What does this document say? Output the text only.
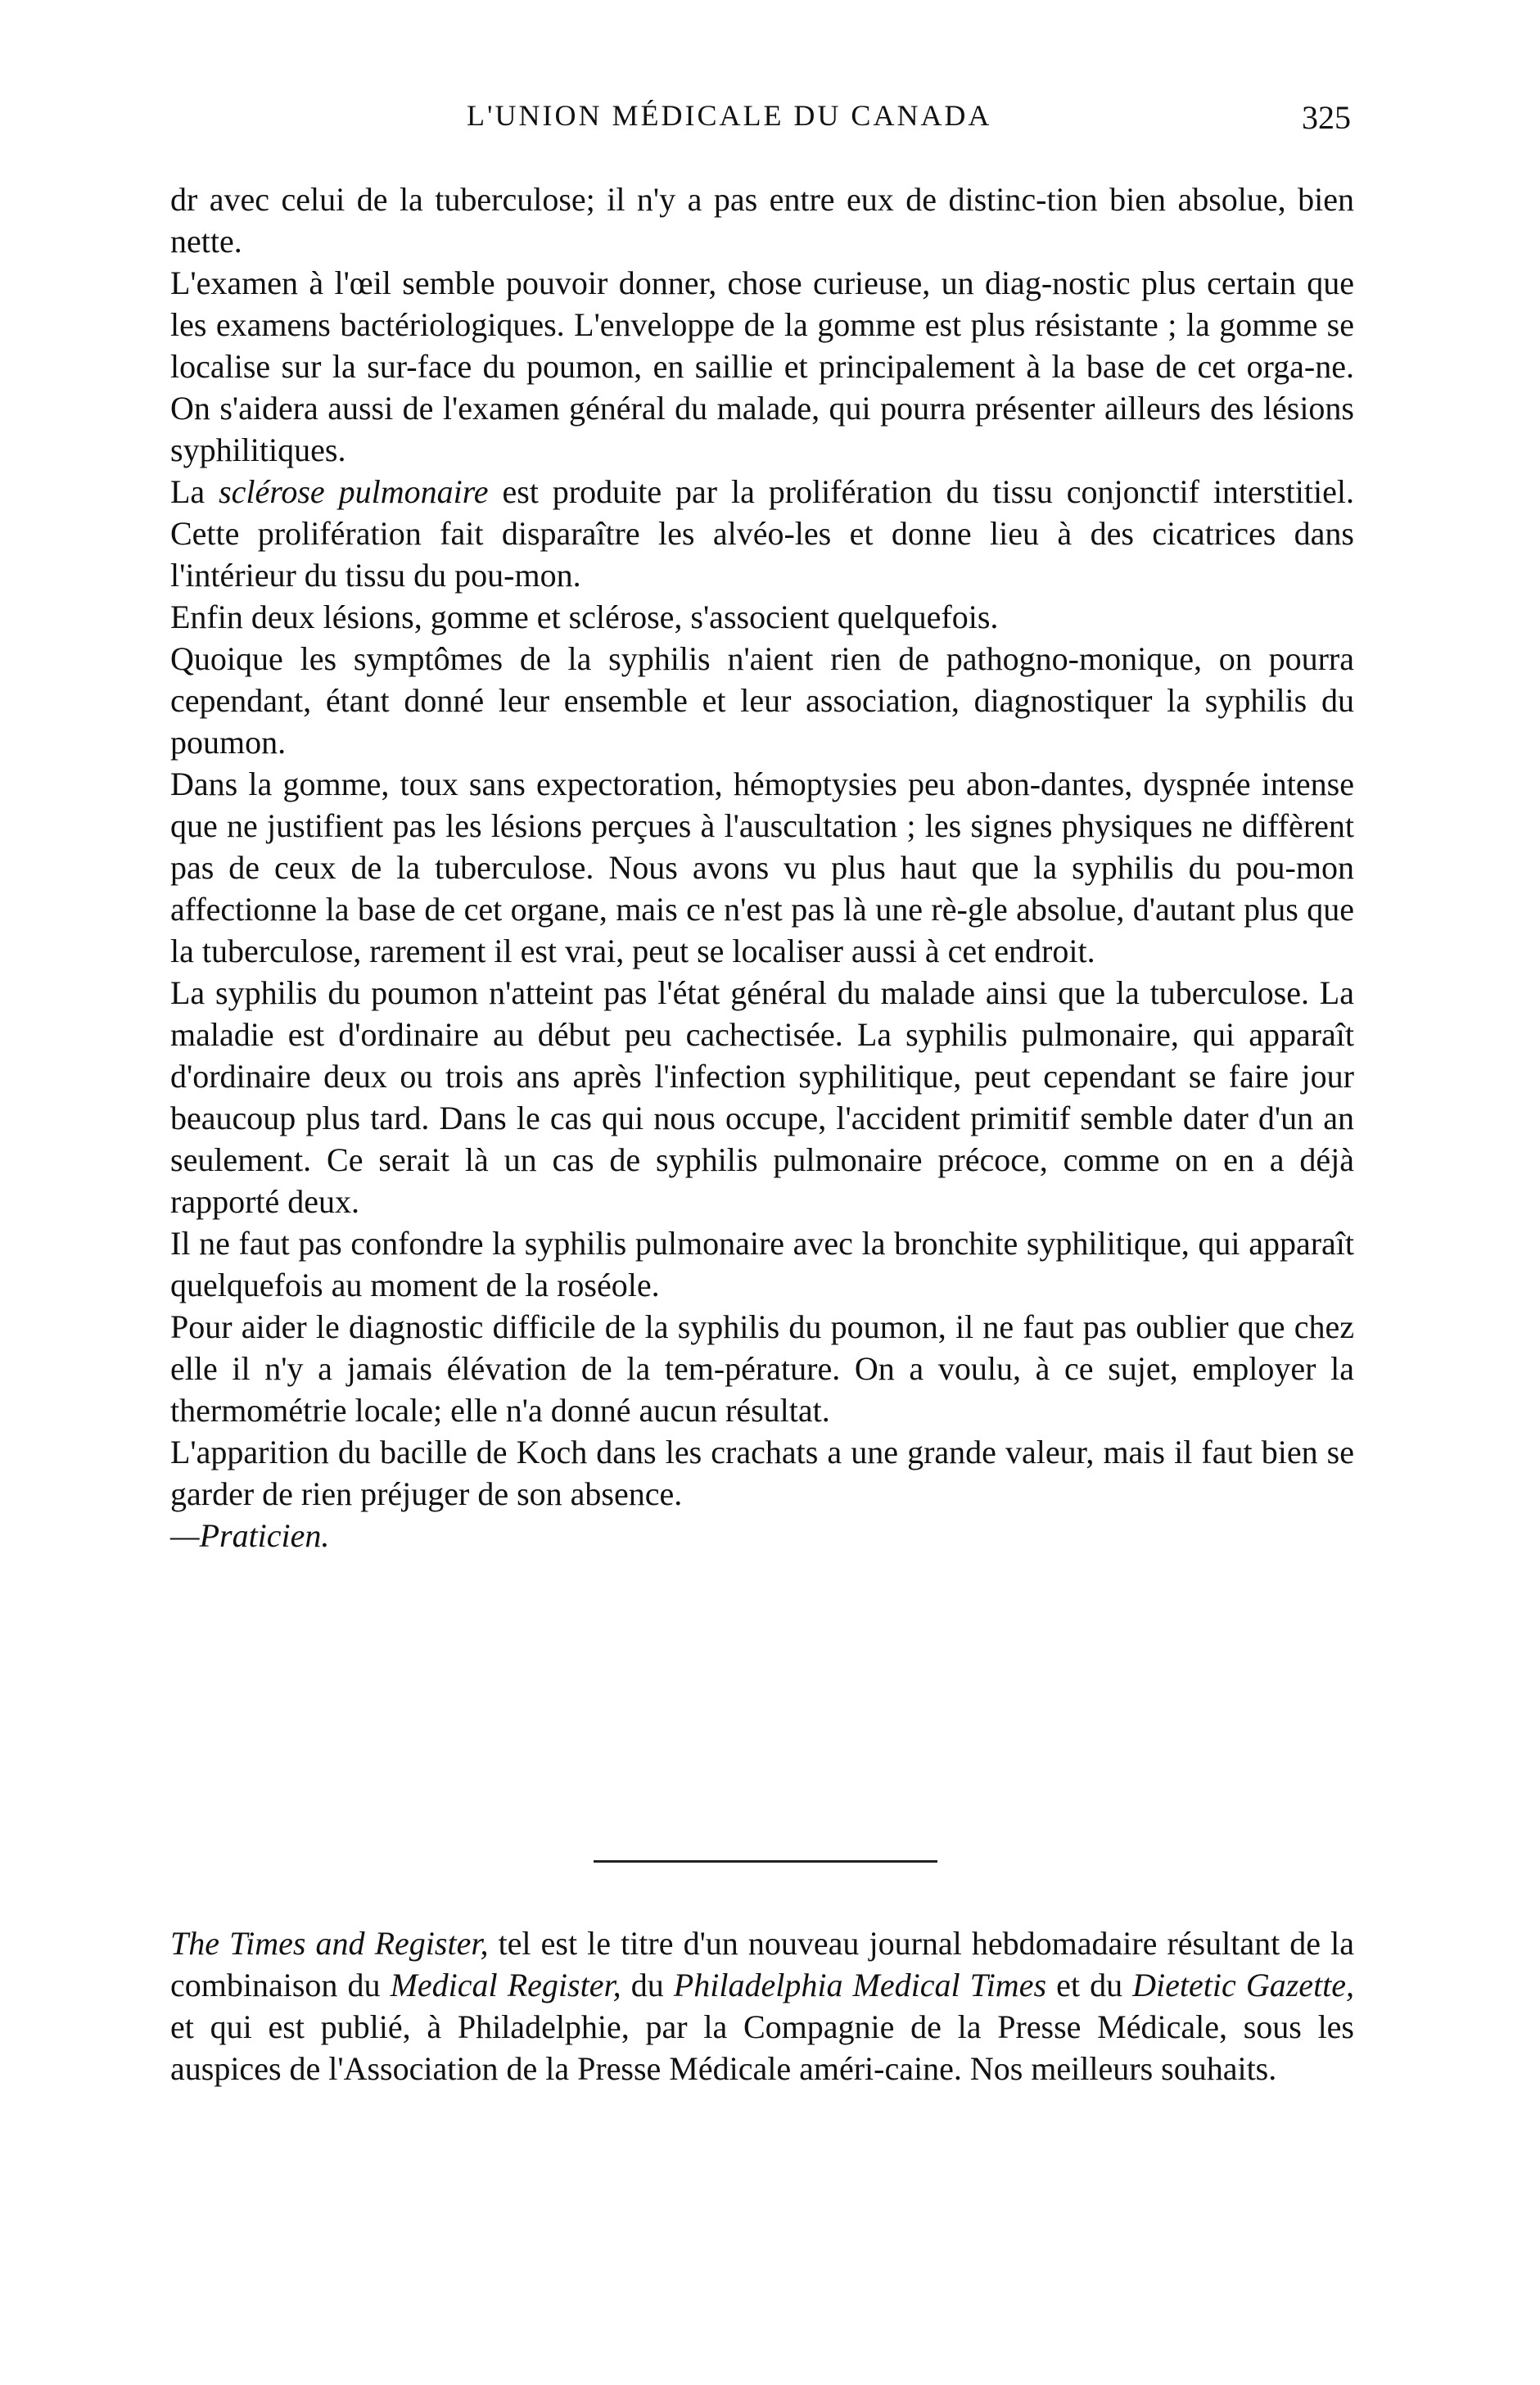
L'UNION MÉDICALE DU CANADA	325

dr avec celui de la tuberculose; il n'y a pas entre eux de distinc-tion bien absolue, bien nette.

L'examen à l'œil semble pouvoir donner, chose curieuse, un diag-nostic plus certain que les examens bactériologiques. L'enveloppe de la gomme est plus résistante ; la gomme se localise sur la sur-face du poumon, en saillie et principalement à la base de cet orga-ne. On s'aidera aussi de l'examen général du malade, qui pourra présenter ailleurs des lésions syphilitiques.

La sclérose pulmonaire est produite par la prolifération du tissu conjonctif interstitiel. Cette prolifération fait disparaître les alvéo-les et donne lieu à des cicatrices dans l'intérieur du tissu du pou-mon.

Enfin deux lésions, gomme et sclérose, s'associent quelquefois.

Quoique les symptômes de la syphilis n'aient rien de pathogno-monique, on pourra cependant, étant donné leur ensemble et leur association, diagnostiquer la syphilis du poumon.

Dans la gomme, toux sans expectoration, hémoptysies peu abon-dantes, dyspnée intense que ne justifient pas les lésions perçues à l'auscultation ; les signes physiques ne diffèrent pas de ceux de la tuberculose. Nous avons vu plus haut que la syphilis du pou-mon affectionne la base de cet organe, mais ce n'est pas là une rè-gle absolue, d'autant plus que la tuberculose, rarement il est vrai, peut se localiser aussi à cet endroit.

La syphilis du poumon n'atteint pas l'état général du malade ainsi que la tuberculose. La maladie est d'ordinaire au début peu cachectisée. La syphilis pulmonaire, qui apparaît d'ordinaire deux ou trois ans après l'infection syphilitique, peut cependant se faire jour beaucoup plus tard. Dans le cas qui nous occupe, l'accident primitif semble dater d'un an seulement. Ce serait là un cas de syphilis pulmonaire précoce, comme on en a déjà rapporté deux.

Il ne faut pas confondre la syphilis pulmonaire avec la bronchite syphilitique, qui apparaît quelquefois au moment de la roséole.

Pour aider le diagnostic difficile de la syphilis du poumon, il ne faut pas oublier que chez elle il n'y a jamais élévation de la tem-pérature. On a voulu, à ce sujet, employer la thermométrie locale; elle n'a donné aucun résultat.

L'apparition du bacille de Koch dans les crachats a une grande valeur, mais il faut bien se garder de rien préjuger de son absence.

—Praticien.

The Times and Register, tel est le titre d'un nouveau journal hebdomadaire résultant de la combinaison du Medical Register, du Philadelphia Medical Times et du Dietetic Gazette, et qui est publié, à Philadelphie, par la Compagnie de la Presse Médicale, sous les auspices de l'Association de la Presse Médicale améri-caine. Nos meilleurs souhaits.
